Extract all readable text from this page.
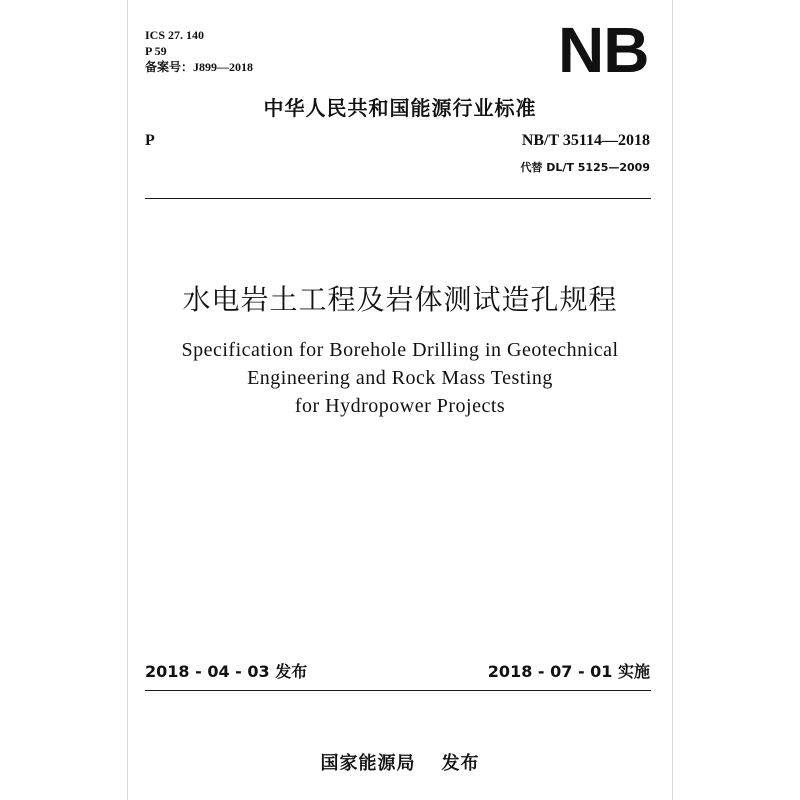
ICS 27. 140
P 59
备案号：J899—2018	NB
中华人民共和国能源行业标准
P	NB/T 35114—2018
代替 DL/T 5125—2009
水电岩土工程及岩体测试造孔规程
Specification for Borehole Drilling in Geotechnical
Engineering and Rock Mass Testing
for Hydropower Projects
2018 - 04 - 03 发布	2018 - 07 - 01 实施
国家能源局 发布
